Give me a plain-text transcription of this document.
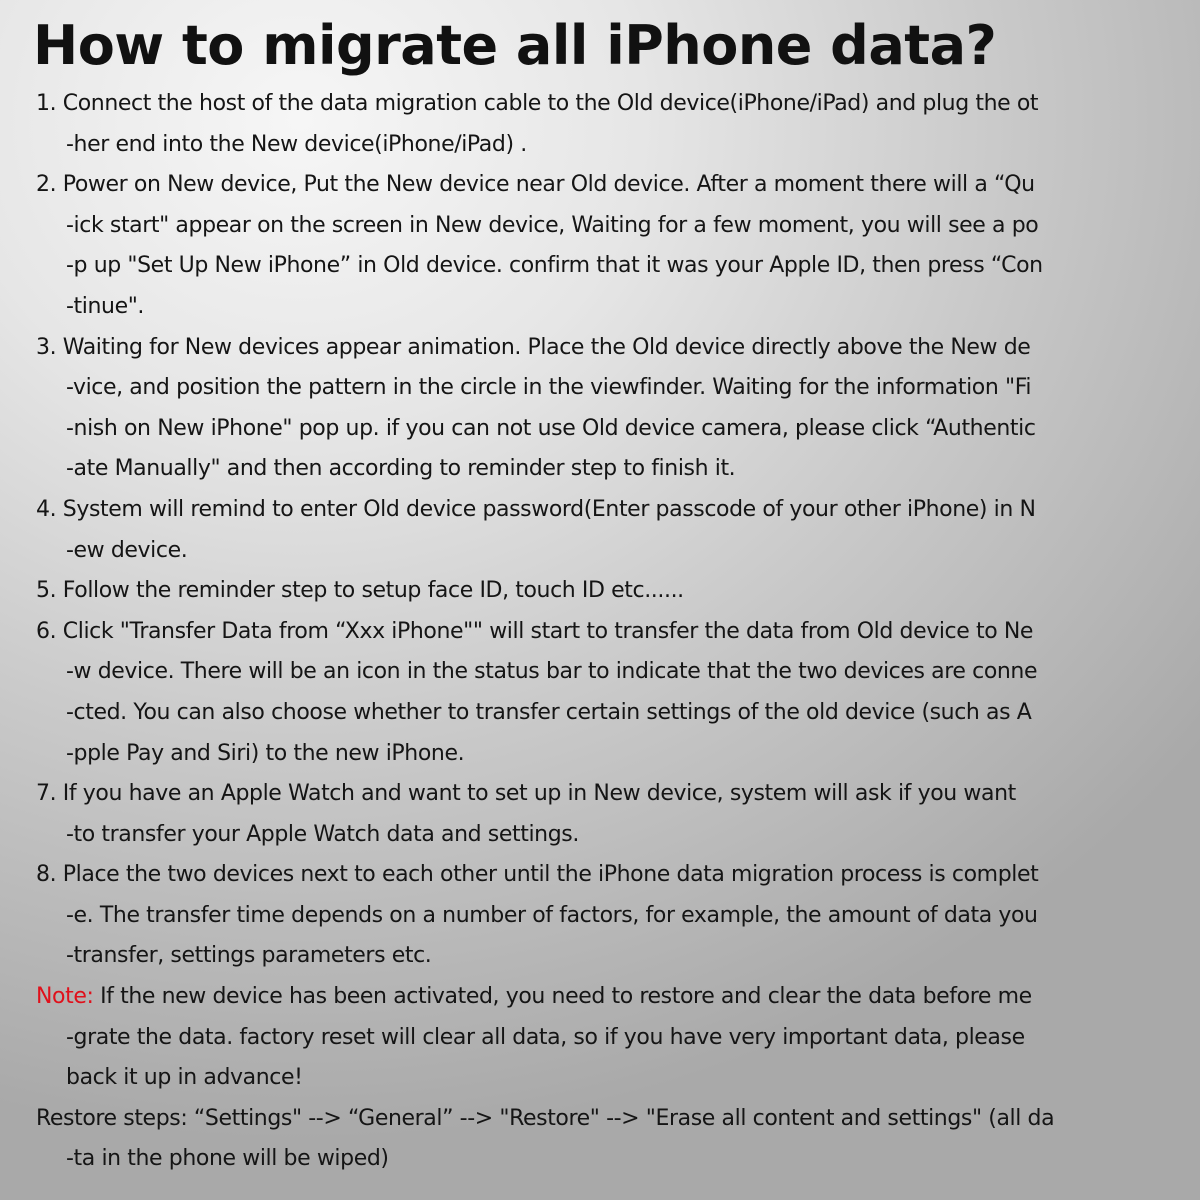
How to migrate all iPhone data?
1. Connect the host of the data migration cable to the Old device(iPhone/iPad) and plug the ot
-her end into the New device(iPhone/iPad) .
2. Power on New device, Put the New device near Old device. After a moment there will a “Qu
-ick start" appear on the screen in New device, Waiting for a few moment, you will see a po
-p up "Set Up New iPhone” in Old device. confirm that it was your Apple ID, then press “Con
-tinue".
3. Waiting for New devices appear animation. Place the Old device directly above the New de
-vice, and position the pattern in the circle in the viewfinder. Waiting for the information "Fi
-nish on New iPhone" pop up. if you can not use Old device camera, please click “Authentic
-ate Manually" and then according to reminder step to finish it.
4. System will remind to enter Old device password(Enter passcode of your other iPhone) in N
-ew device.
5. Follow the reminder step to setup face ID, touch ID etc......
6. Click "Transfer Data from “Xxx iPhone"" will start to transfer the data from Old device to Ne
-w device. There will be an icon in the status bar to indicate that the two devices are conne
-cted. You can also choose whether to transfer certain settings of the old device (such as A
-pple Pay and Siri) to the new iPhone.
7. If you have an Apple Watch and want to set up in New device, system will ask if you want
-to transfer your Apple Watch data and settings.
8. Place the two devices next to each other until the iPhone data migration process is complet
-e. The transfer time depends on a number of factors, for example, the amount of data you
-transfer, settings parameters etc.
Note: If the new device has been activated, you need to restore and clear the data before me
-grate the data. factory reset will clear all data, so if you have very important data, please
back it up in advance!
Restore steps: “Settings" --> “General” --> "Restore" --> "Erase all content and settings" (all da
-ta in the phone will be wiped)
